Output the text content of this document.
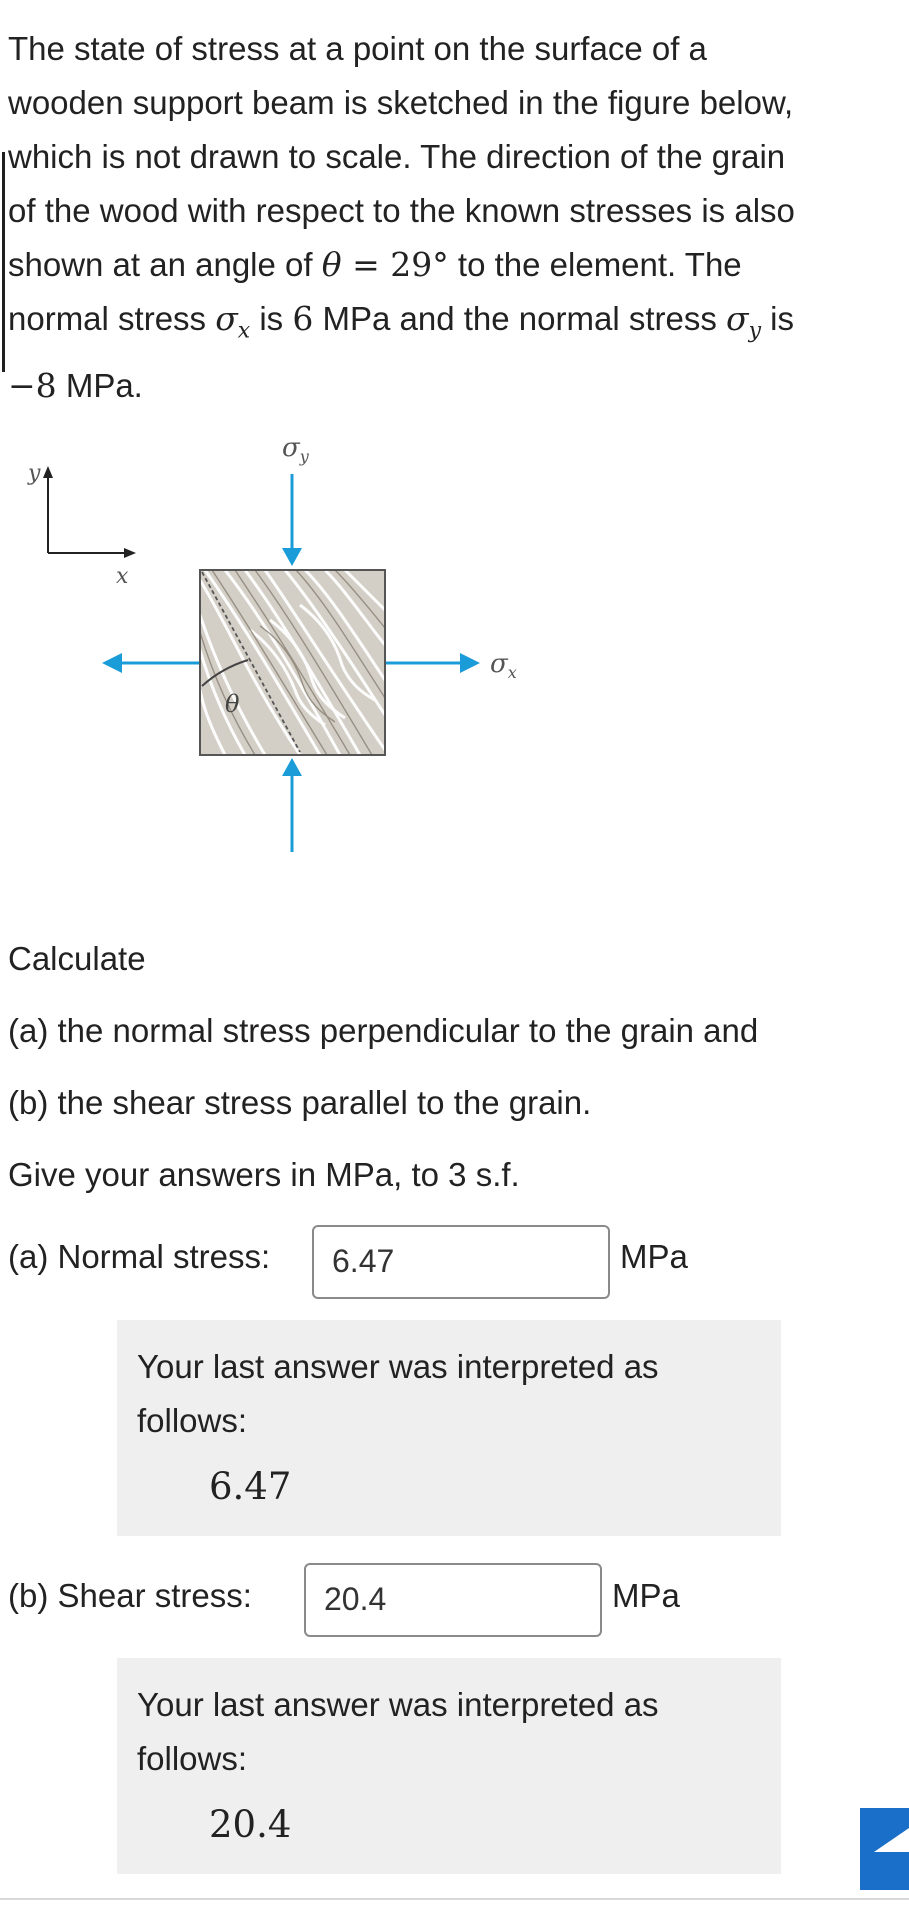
The state of stress at a point on the surface of a
wooden support beam is sketched in the figure below,
which is not drawn to scale. The direction of the grain
of the wood with respect to the known stresses is also
shown at an angle of θ = 29° to the element. The
normal stress $\sigma_x$ is 6 MPa and the normal stress $\sigma_y$ is
−8 MPa.
y
x
$\sigma_y$
$\sigma_x$
θ
Calculate
(a) the normal stress perpendicular to the grain and
(b) the shear stress parallel to the grain.
Give your answers in MPa, to 3 s.f.
(a) Normal stress:	6.47	MPa
Your last answer was interpreted as follows:
6.47
(b) Shear stress:	20.4	MPa
Your last answer was interpreted as follows:
20.4
